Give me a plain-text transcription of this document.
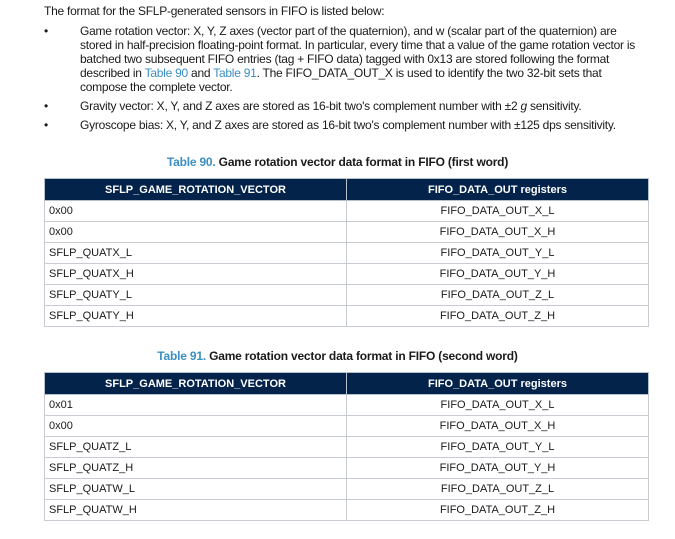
The format for the SFLP-generated sensors in FIFO is listed below:
•	Game rotation vector: X, Y, Z axes (vector part of the quaternion), and w (scalar part of the quaternion) are stored in half-precision floating-point format. In particular, every time that a value of the game rotation vector is batched two subsequent FIFO entries (tag + FIFO data) tagged with 0x13 are stored following the format described in Table 90 and Table 91. The FIFO_DATA_OUT_X is used to identify the two 32-bit sets that compose the complete vector.
•	Gravity vector: X, Y, and Z axes are stored as 16-bit two's complement number with ±2 g sensitivity.
•	Gyroscope bias: X, Y, and Z axes are stored as 16-bit two's complement number with ±125 dps sensitivity.
Table 90. Game rotation vector data format in FIFO (first word)
SFLP_GAME_ROTATION_VECTOR	FIFO_DATA_OUT registers
0x00	FIFO_DATA_OUT_X_L
0x00	FIFO_DATA_OUT_X_H
SFLP_QUATX_L	FIFO_DATA_OUT_Y_L
SFLP_QUATX_H	FIFO_DATA_OUT_Y_H
SFLP_QUATY_L	FIFO_DATA_OUT_Z_L
SFLP_QUATY_H	FIFO_DATA_OUT_Z_H
Table 91. Game rotation vector data format in FIFO (second word)
SFLP_GAME_ROTATION_VECTOR	FIFO_DATA_OUT registers
0x01	FIFO_DATA_OUT_X_L
0x00	FIFO_DATA_OUT_X_H
SFLP_QUATZ_L	FIFO_DATA_OUT_Y_L
SFLP_QUATZ_H	FIFO_DATA_OUT_Y_H
SFLP_QUATW_L	FIFO_DATA_OUT_Z_L
SFLP_QUATW_H	FIFO_DATA_OUT_Z_H
